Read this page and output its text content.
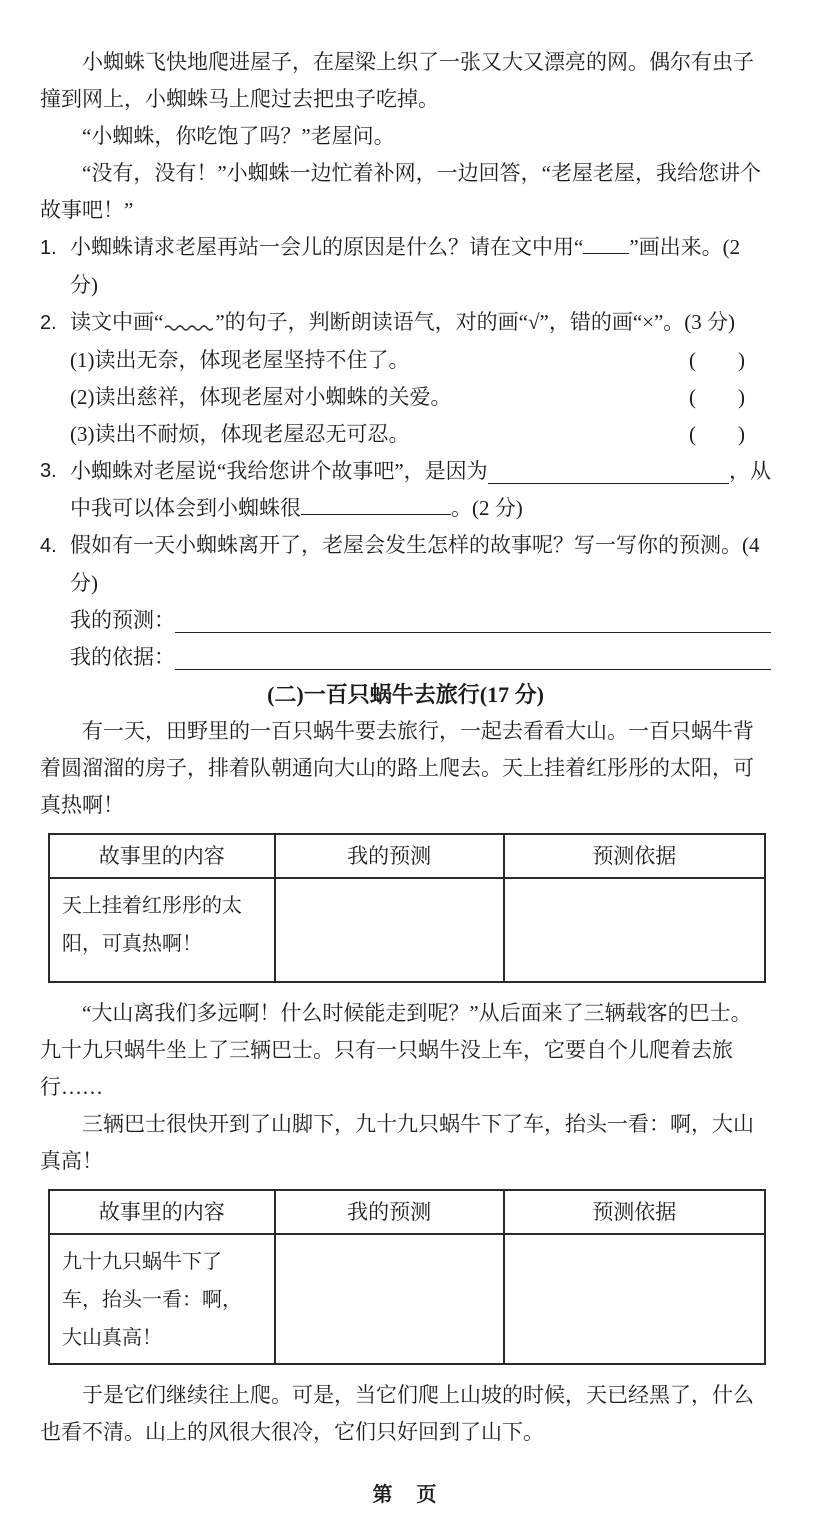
小蜘蛛飞快地爬进屋子，在屋梁上织了一张又大又漂亮的网。偶尔有虫子撞到网上，小蜘蛛马上爬过去把虫子吃掉。

“小蜘蛛，你吃饱了吗？”老屋问。

“没有，没有！”小蜘蛛一边忙着补网，一边回答，“老屋老屋，我给您讲个故事吧！”

1. 小蜘蛛请求老屋再站一会儿的原因是什么？请在文中用“ ”画出来。(2 分)
2. 读文中画“ ”的句子，判断朗读语气，对的画“√”，错的画“×”。(3 分)
(1)读出无奈，体现老屋坚持不住了。	(　　)
(2)读出慈祥，体现老屋对小蜘蛛的关爱。	(　　)
(3)读出不耐烦，体现老屋忍无可忍。	(　　)
3. 小蜘蛛对老屋说“我给您讲个故事吧”，是因为	，从
中我可以体会到小蜘蛛很	。(2 分)
4. 假如有一天小蜘蛛离开了，老屋会发生怎样的故事呢？写一写你的预测。(4 分)
我的预测：
我的依据：
(二)一百只蜗牛去旅行(17 分)

有一天，田野里的一百只蜗牛要去旅行，一起去看看大山。一百只蜗牛背着圆溜溜的房子，排着队朝通向大山的路上爬去。天上挂着红彤彤的太阳，可真热啊！

故事里的内容	我的预测	预测依据
天上挂着红彤彤的太阳，可真热啊！		

“大山离我们多远啊！什么时候能走到呢？”从后面来了三辆载客的巴士。九十九只蜗牛坐上了三辆巴士。只有一只蜗牛没上车，它要自个儿爬着去旅行……

三辆巴士很快开到了山脚下，九十九只蜗牛下了车，抬头一看：啊，大山真高！

故事里的内容	我的预测	预测依据
九十九只蜗牛下了车，抬头一看：啊，大山真高！		

于是它们继续往上爬。可是，当它们爬上山坡的时候，天已经黑了，什么也看不清。山上的风很大很冷，它们只好回到了山下。

第　页
